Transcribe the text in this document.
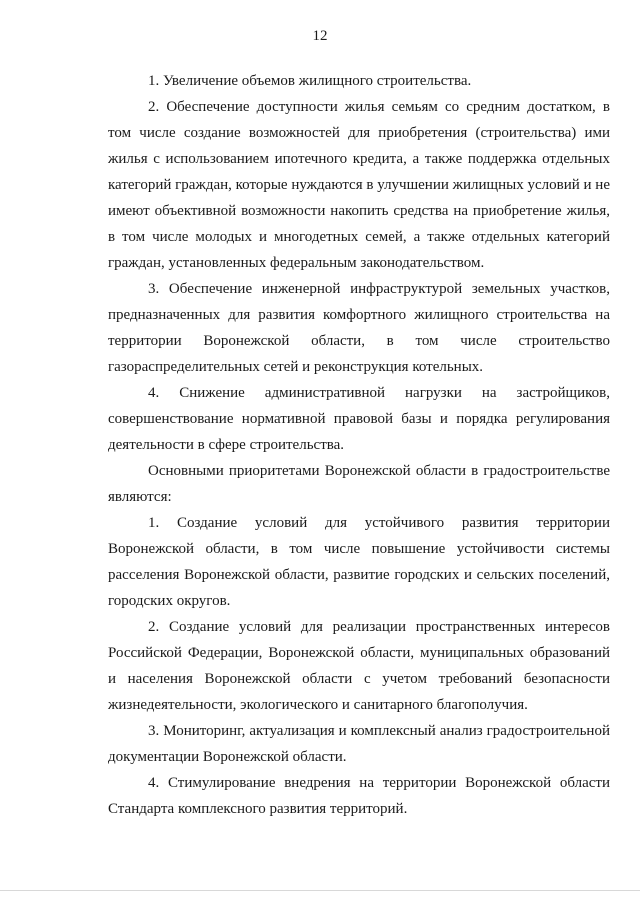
12

1. Увеличение объемов жилищного строительства.

2. Обеспечение доступности жилья семьям со средним достатком, в том числе создание возможностей для приобретения (строительства) ими жилья с использованием ипотечного кредита, а также поддержка отдельных категорий граждан, которые нуждаются в улучшении жилищных условий и не имеют объективной возможности накопить средства на приобретение жилья, в том числе молодых и многодетных семей, а также отдельных категорий граждан, установленных федеральным законодательством.

3. Обеспечение инженерной инфраструктурой земельных участков, предназначенных для развития комфортного жилищного строительства на территории Воронежской области, в том числе строительство газораспределительных сетей и реконструкция котельных.

4. Снижение административной нагрузки на застройщиков, совершенствование нормативной правовой базы и порядка регулирования деятельности в сфере строительства.

Основными приоритетами Воронежской области в градостроительстве являются:

1. Создание условий для устойчивого развития территории Воронежской области, в том числе повышение устойчивости системы расселения Воронежской области, развитие городских и сельских поселений, городских округов.

2. Создание условий для реализации пространственных интересов Российской Федерации, Воронежской области, муниципальных образований и населения Воронежской области с учетом требований безопасности жизнедеятельности, экологического и санитарного благополучия.

3. Мониторинг, актуализация и комплексный анализ градостроительной документации Воронежской области.

4. Стимулирование внедрения на территории Воронежской области Стандарта комплексного развития территорий.
